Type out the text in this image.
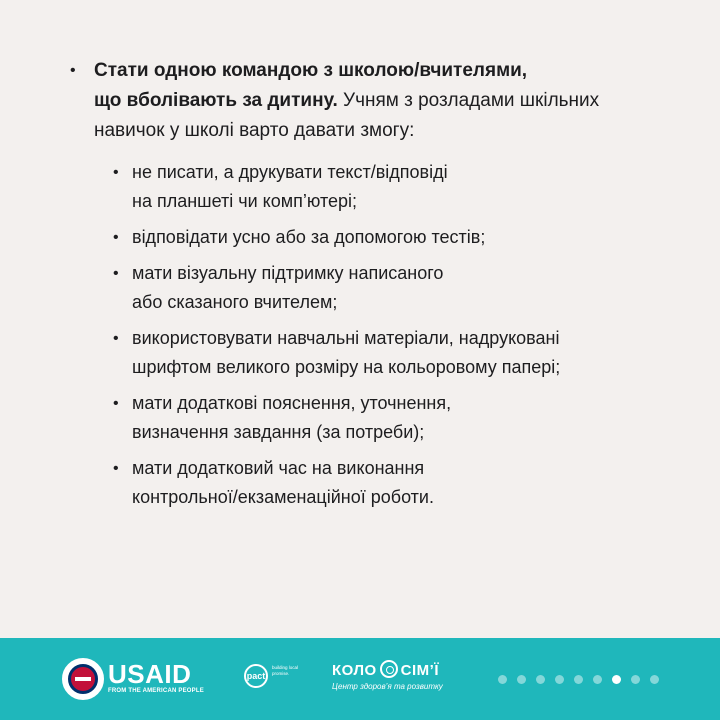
• Стати одною командою з школою/вчителями,
що вболівають за дитину. Учням з розладами шкільних
навичок у школі варто давати змогу:
• не писати, а друкувати текст/відповіді
на планшеті чи комп’ютері;
• відповідати усно або за допомогою тестів;
• мати візуальну підтримку написаного
або сказаного вчителем;
• використовувати навчальні матеріали, надруковані
шрифтом великого розміру на кольоровому папері;
• мати додаткові пояснення, уточнення,
визначення завдання (за потреби);
• мати додатковий час на виконання
контрольної/екзаменаційної роботи.
USAID
FROM THE AMERICAN PEOPLE
pact
building local promise.	КОЛО СІМ’Ї
Центр здоров’я та розвитку
